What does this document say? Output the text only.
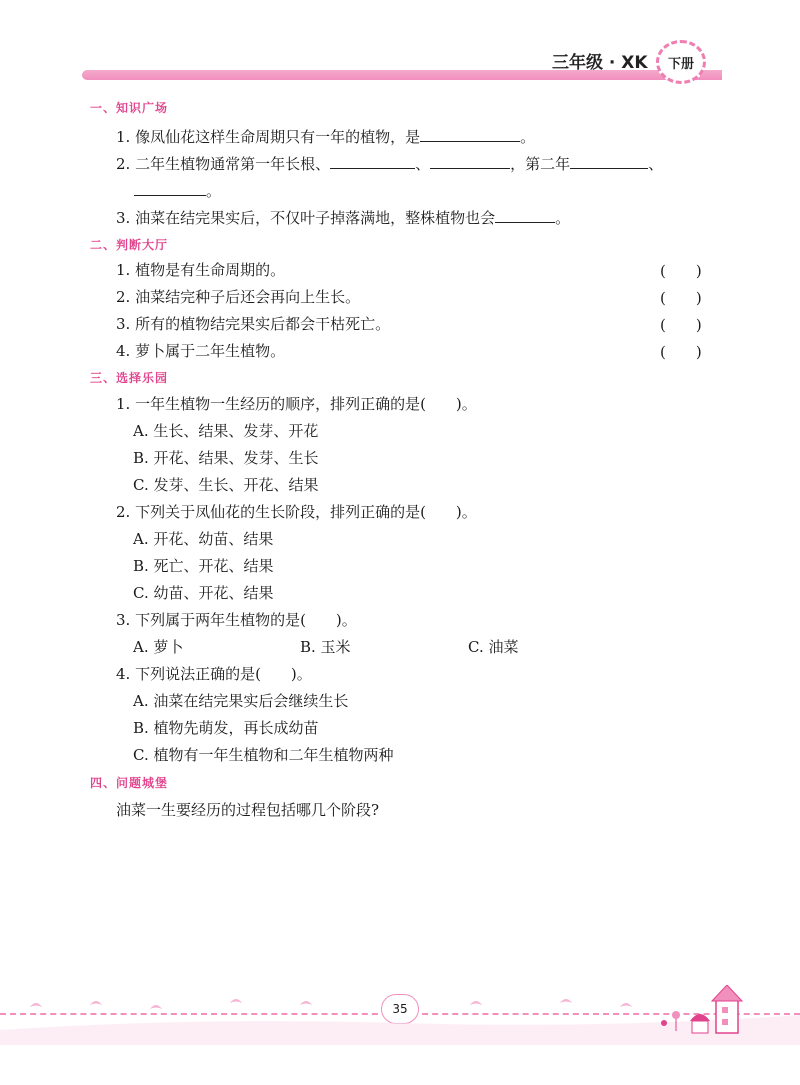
三年级 · XK	下册
一、知识广场
1. 像凤仙花这样生命周期只有一年的植物，是	。
2. 二年生植物通常第一年长根、	、	，第二年	、
。
3. 油菜在结完果实后，不仅叶子掉落满地，整株植物也会	。
二、判断大厅
1. 植物是有生命周期的。	(　　)
2. 油菜结完种子后还会再向上生长。	(　　)
3. 所有的植物结完果实后都会干枯死亡。	(　　)
4. 萝卜属于二年生植物。	(　　)
三、选择乐园
1. 一年生植物一生经历的顺序，排列正确的是(　　)。
A. 生长、结果、发芽、开花
B. 开花、结果、发芽、生长
C. 发芽、生长、开花、结果
2. 下列关于凤仙花的生长阶段，排列正确的是(　　)。
A. 开花、幼苗、结果
B. 死亡、开花、结果
C. 幼苗、开花、结果
3. 下列属于两年生植物的是(　　)。
A. 萝卜	B. 玉米	C. 油菜
4. 下列说法正确的是(　　)。
A. 油菜在结完果实后会继续生长
B. 植物先萌发，再长成幼苗
C. 植物有一年生植物和二年生植物两种
四、问题城堡
油菜一生要经历的过程包括哪几个阶段?
35
